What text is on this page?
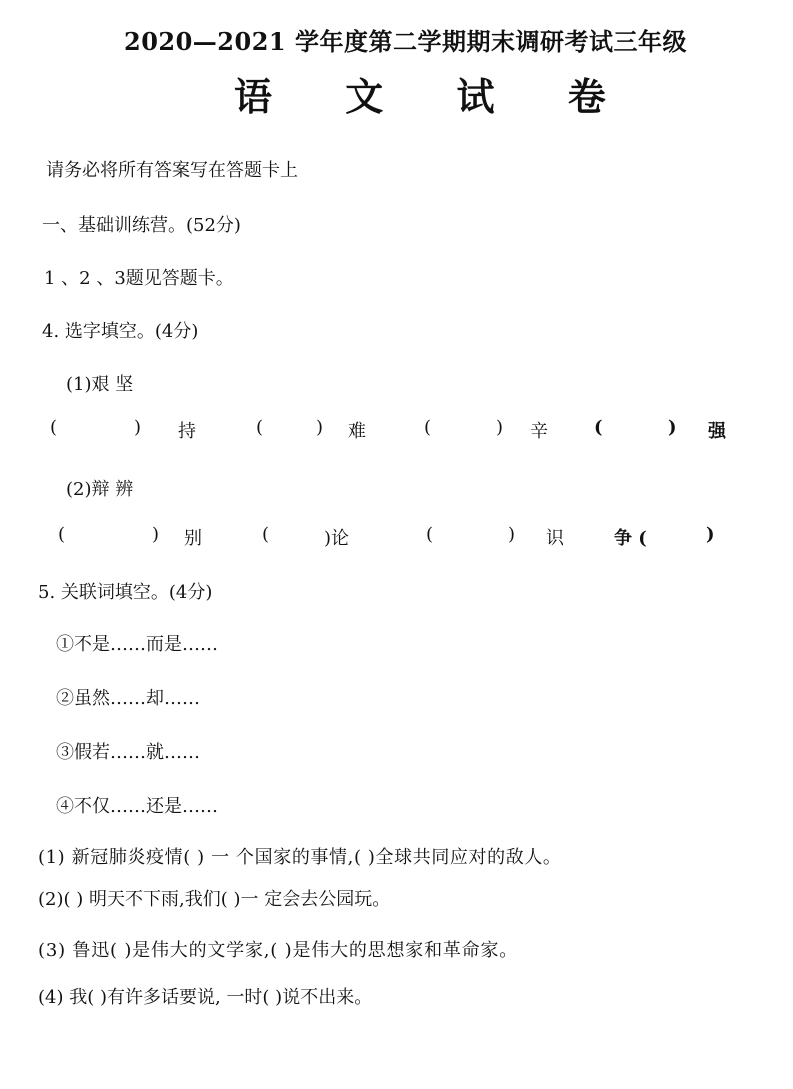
2020—2021 学年度第二学期期末调研考试三年级
语 文 试 卷
请务必将所有答案写在答题卡上
一、基础训练营。(52分)
1 、2 、3题见答题卡。
4. 选字填空。(4分)
(1)艰 坚
(	) 持	(	) 难	(	) 辛	(	) 强
(2)辩 辨
(	) 别	(	)论	(	) 识	争 (	)
5. 关联词填空。(4分)
①不是……而是……
②虽然……却……
③假若……就……
④不仅……还是……
(1) 新冠肺炎疫情( ) 一 个国家的事情,( )全球共同应对的敌人。
(2)( ) 明天不下雨,我们( )一 定会去公园玩。
(3) 鲁迅( )是伟大的文学家,( )是伟大的思想家和革命家。
(4) 我( )有许多话要说, 一时( )说不出来。
